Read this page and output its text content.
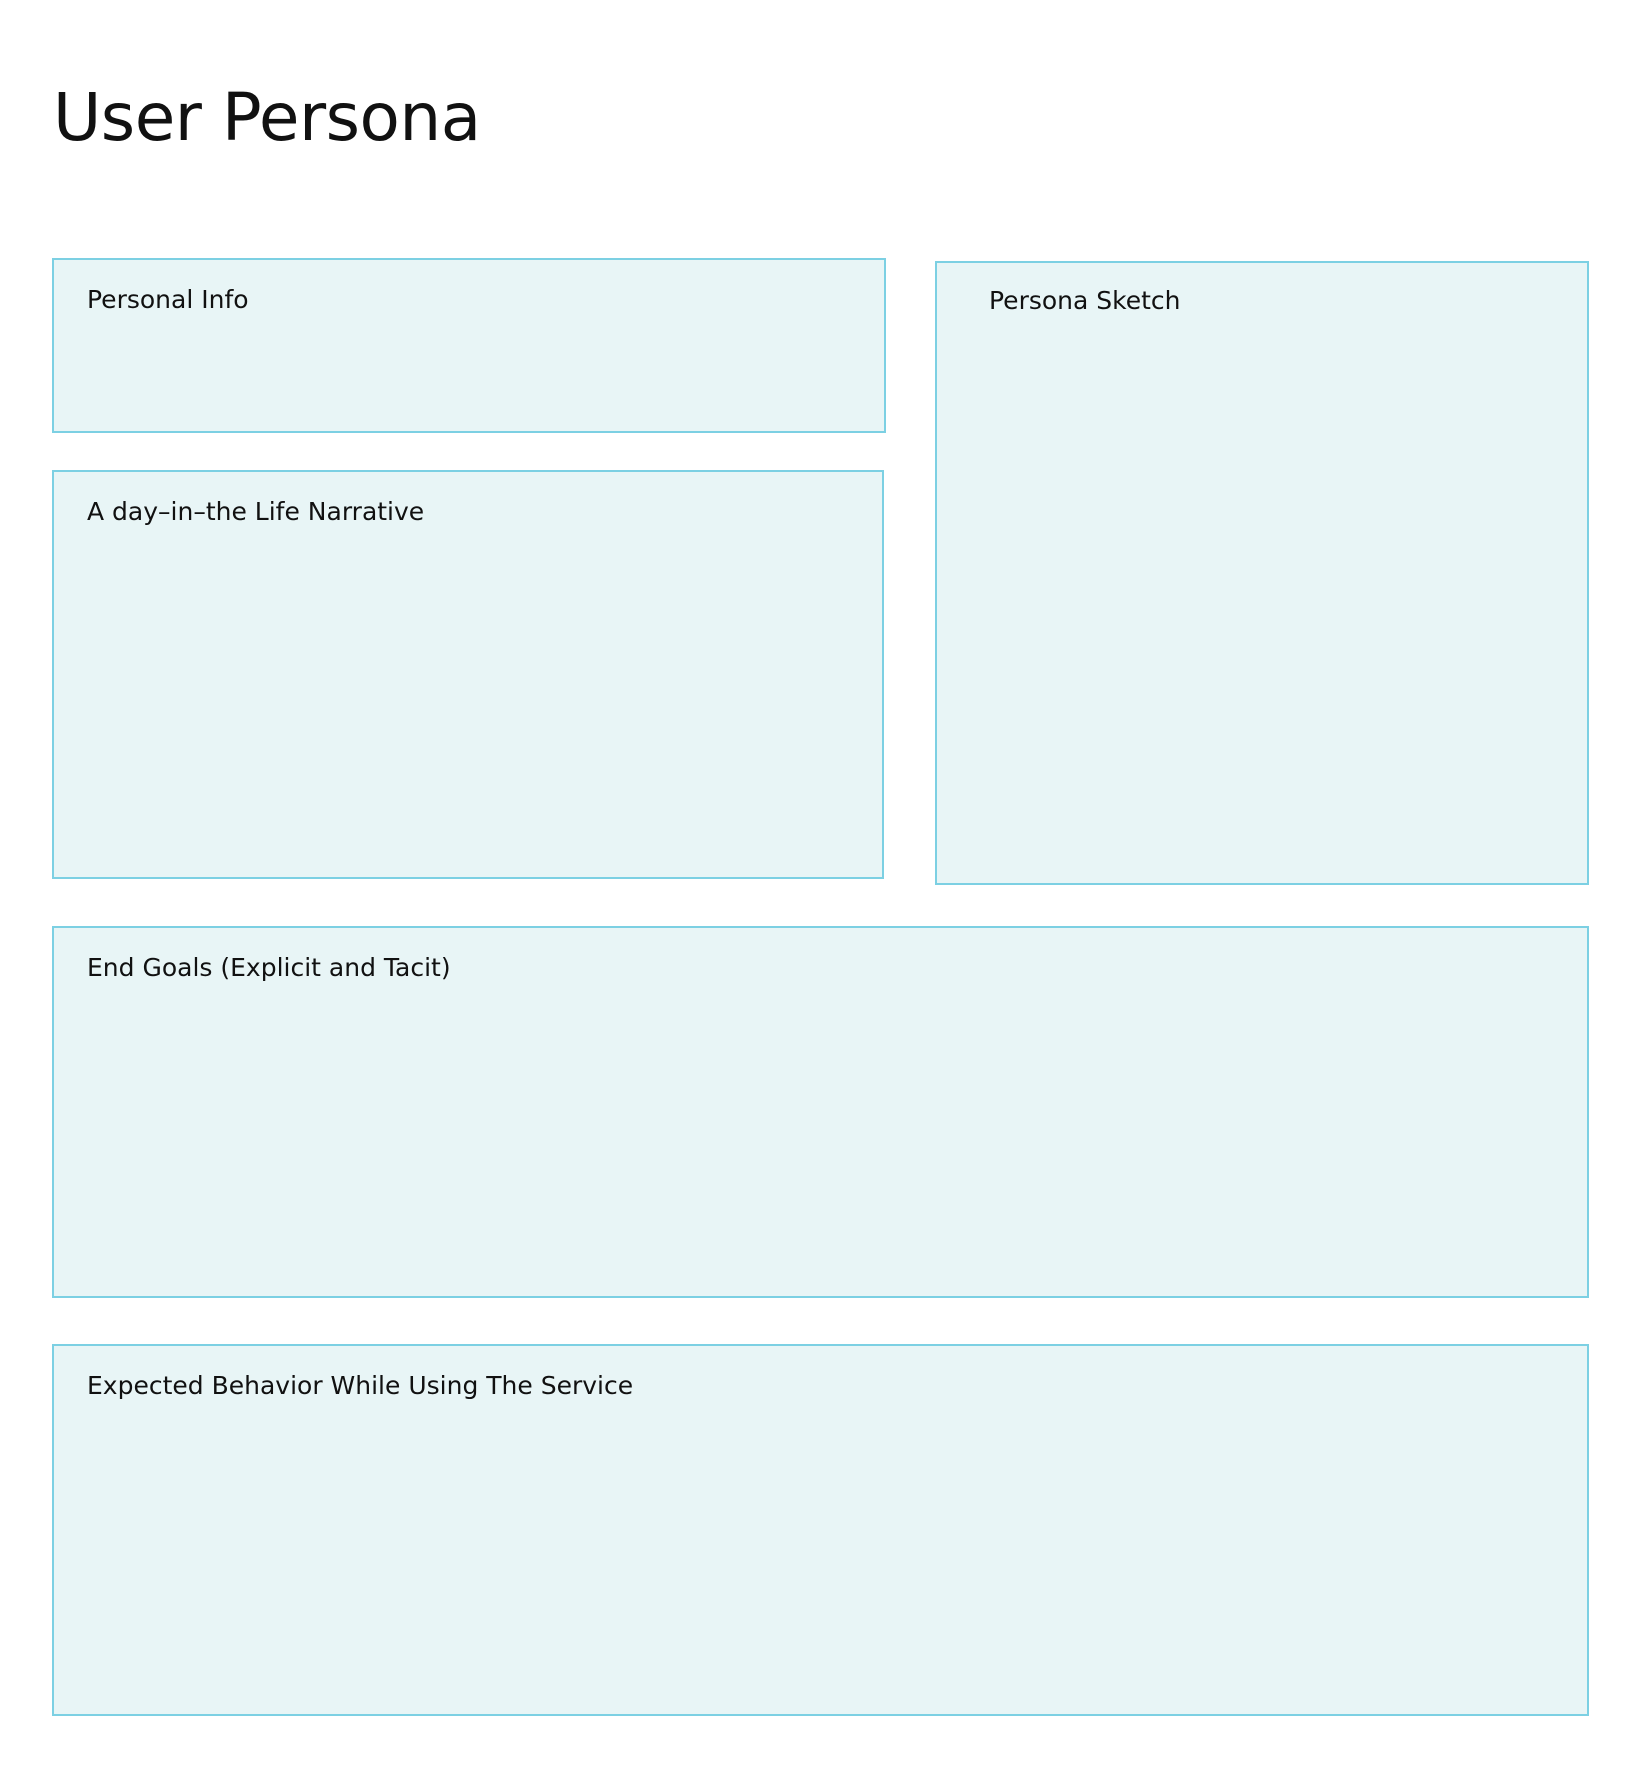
User Persona
Personal Info
A day–in–the Life Narrative
Persona Sketch
End Goals (Explicit and Tacit)
Expected Behavior While Using The Service
